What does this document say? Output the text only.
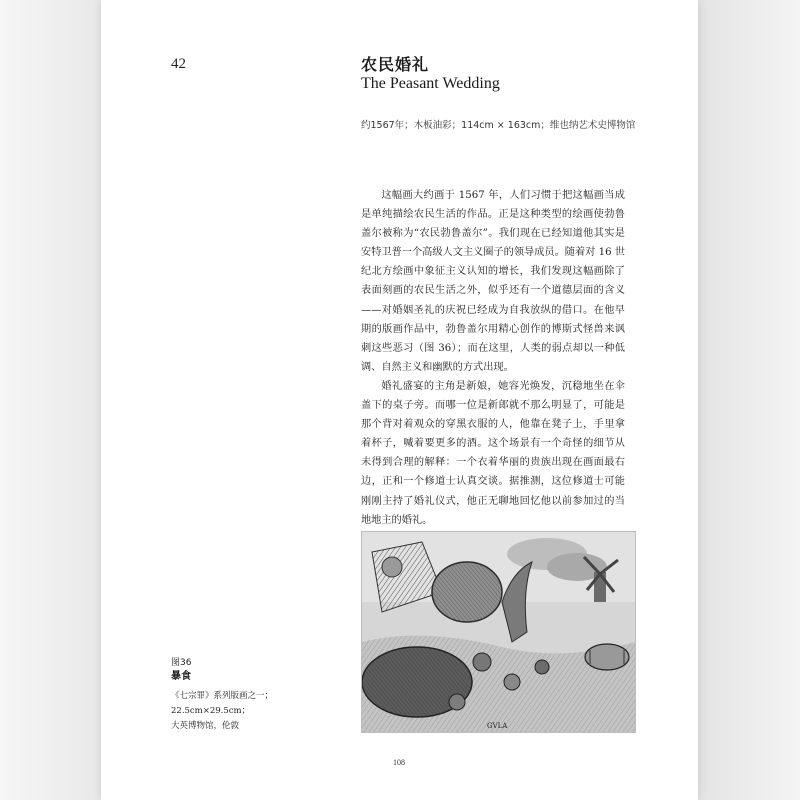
42	农民婚礼
The Peasant Wedding
约1567年；木板油彩；114cm × 163cm；维也纳艺术史博物馆

这幅画大约画于 1567 年，人们习惯于把这幅画当成是单纯描绘农民生活的作品。正是这种类型的绘画使勃鲁盖尔被称为“农民勃鲁盖尔”。我们现在已经知道他其实是安特卫普一个高级人文主义圈子的领导成员。随着对 16 世纪北方绘画中象征主义认知的增长，我们发现这幅画除了表面刻画的农民生活之外，似乎还有一个道德层面的含义——对婚姻圣礼的庆祝已经成为自我放纵的借口。在他早期的版画作品中，勃鲁盖尔用精心创作的博斯式怪兽来讽刺这些恶习（图 36）；而在这里，人类的弱点却以一种低调、自然主义和幽默的方式出现。

婚礼盛宴的主角是新娘，她容光焕发，沉稳地坐在伞盖下的桌子旁。而哪一位是新郎就不那么明显了，可能是那个背对着观众的穿黑衣服的人，他靠在凳子上，手里拿着杯子，喊着要更多的酒。这个场景有一个奇怪的细节从未得到合理的解释：一个衣着华丽的贵族出现在画面最右边，正和一个修道士认真交谈。据推测，这位修道士可能刚刚主持了婚礼仪式，他正无聊地回忆他以前参加过的当地地主的婚礼。

GVLA
图36
暴食
《七宗罪》系列版画之一；
22.5cm×29.5cm；
大英博物馆，伦敦
108
